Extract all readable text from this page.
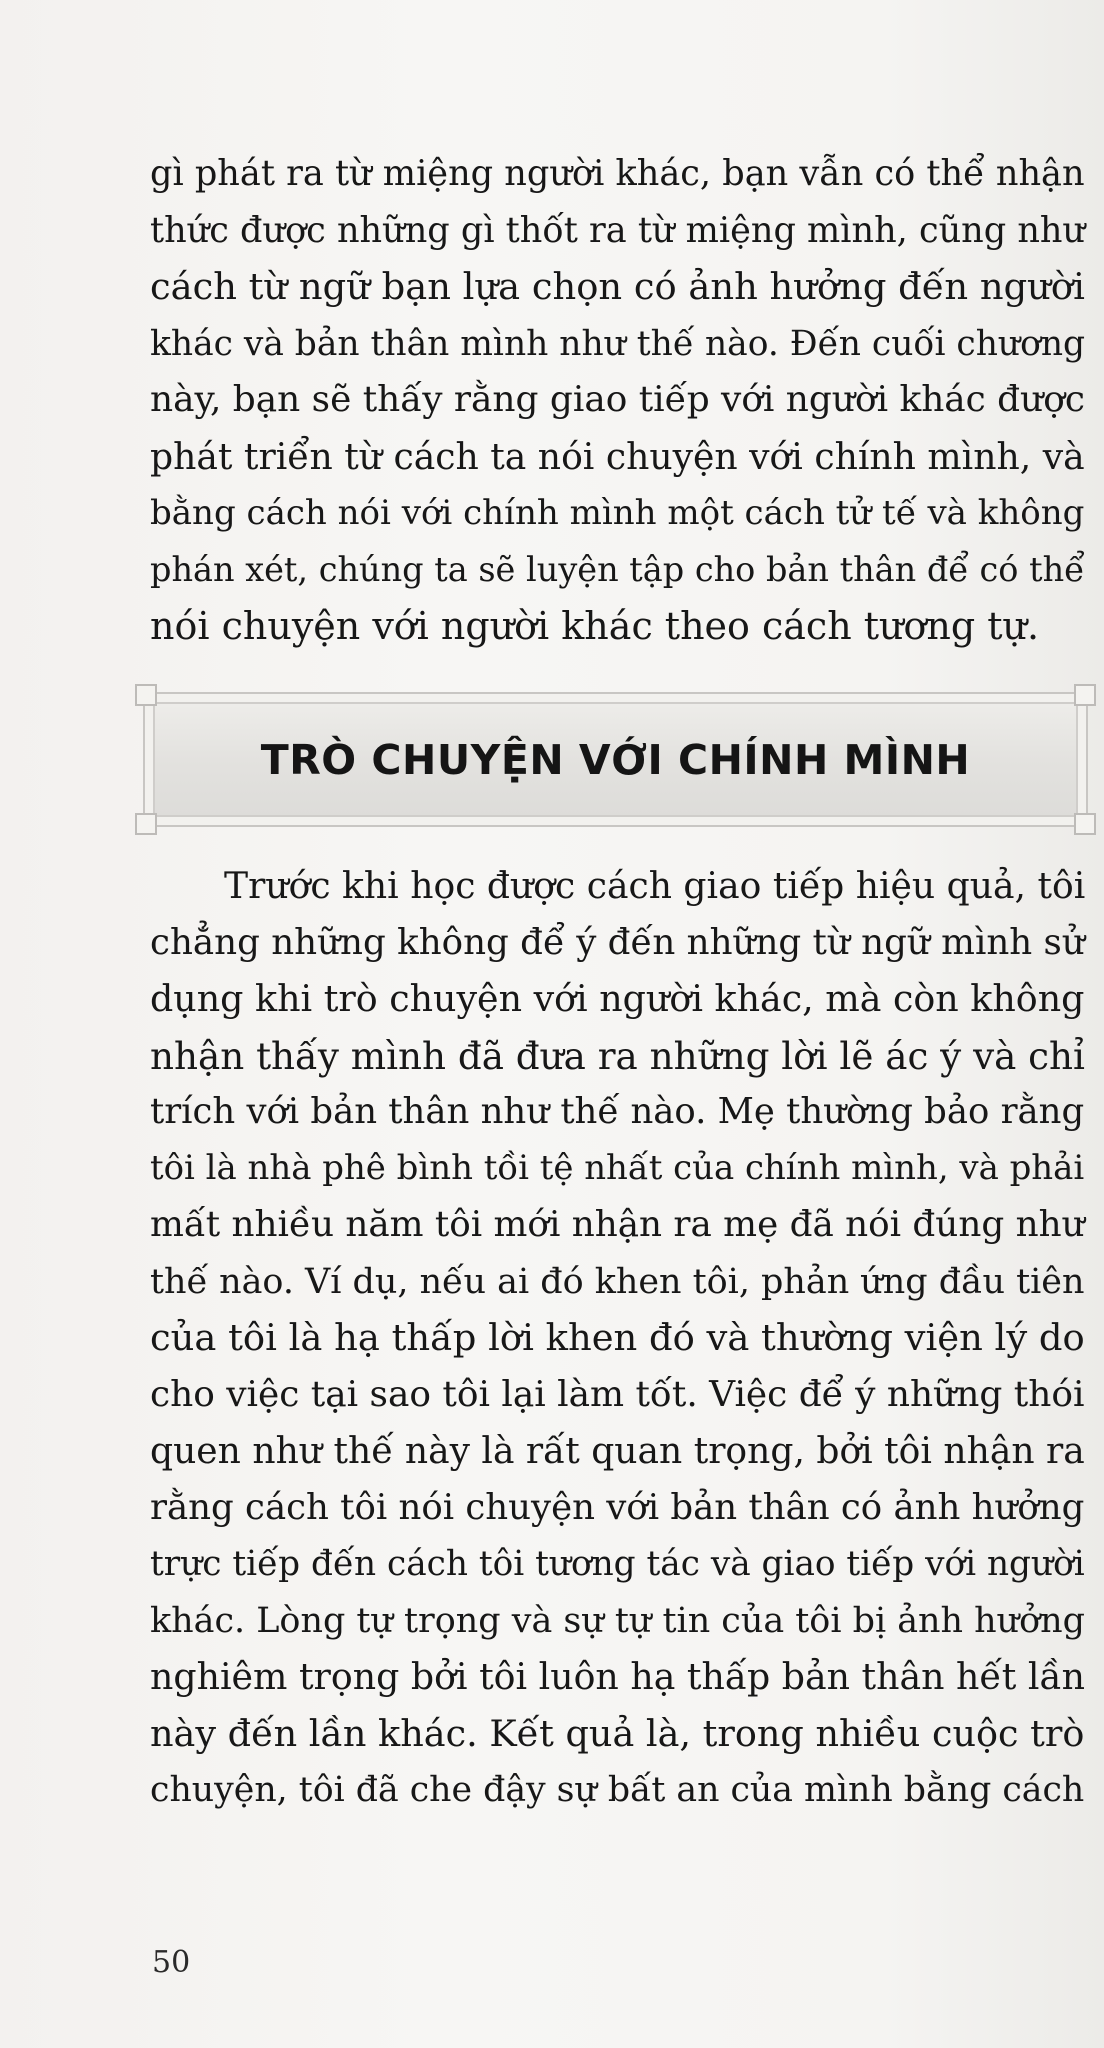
gì phát ra từ miệng người khác, bạn vẫn có thể nhận
thức được những gì thốt ra từ miệng mình, cũng như
cách từ ngữ bạn lựa chọn có ảnh hưởng đến người
khác và bản thân mình như thế nào. Đến cuối chương
này, bạn sẽ thấy rằng giao tiếp với người khác được
phát triển từ cách ta nói chuyện với chính mình, và
bằng cách nói với chính mình một cách tử tế và không
phán xét, chúng ta sẽ luyện tập cho bản thân để có thể
nói chuyện với người khác theo cách tương tự.
TRÒ CHUYỆN VỚI CHÍNH MÌNH
Trước khi học được cách giao tiếp hiệu quả, tôi
chẳng những không để ý đến những từ ngữ mình sử
dụng khi trò chuyện với người khác, mà còn không
nhận thấy mình đã đưa ra những lời lẽ ác ý và chỉ
trích với bản thân như thế nào. Mẹ thường bảo rằng
tôi là nhà phê bình tồi tệ nhất của chính mình, và phải
mất nhiều năm tôi mới nhận ra mẹ đã nói đúng như
thế nào. Ví dụ, nếu ai đó khen tôi, phản ứng đầu tiên
của tôi là hạ thấp lời khen đó và thường viện lý do
cho việc tại sao tôi lại làm tốt. Việc để ý những thói
quen như thế này là rất quan trọng, bởi tôi nhận ra
rằng cách tôi nói chuyện với bản thân có ảnh hưởng
trực tiếp đến cách tôi tương tác và giao tiếp với người
khác. Lòng tự trọng và sự tự tin của tôi bị ảnh hưởng
nghiêm trọng bởi tôi luôn hạ thấp bản thân hết lần
này đến lần khác. Kết quả là, trong nhiều cuộc trò
chuyện, tôi đã che đậy sự bất an của mình bằng cách
50
